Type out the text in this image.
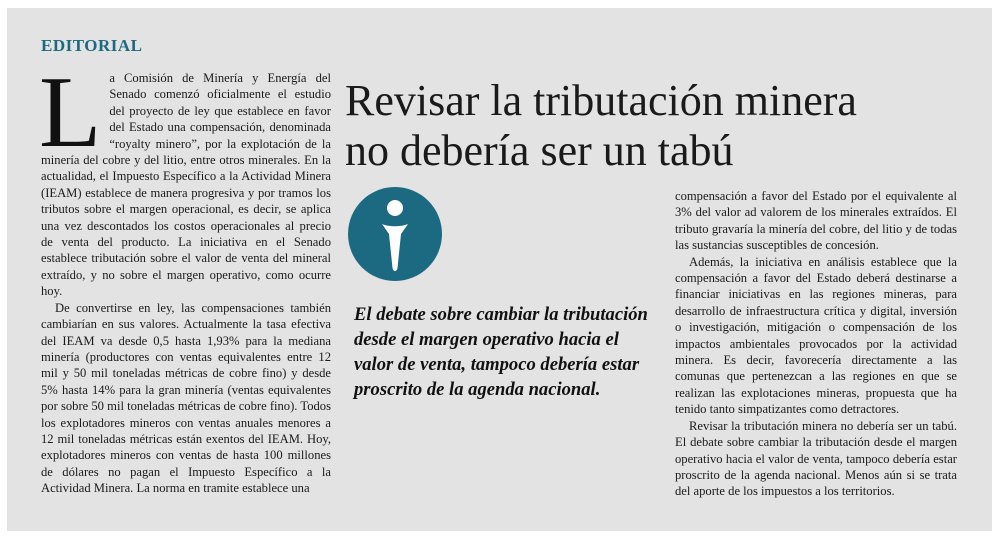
EDITORIAL

La Comisión de Minería y Energía del Senado comenzó oficialmente el estudio del proyecto de ley que establece en favor del Estado una compensación, denominada “royalty minero”, por la explotación de la minería del cobre y del litio, entre otros minerales. En la actualidad, el Impuesto Específico a la Actividad Minera (IEAM) establece de manera progresiva y por tramos los tributos sobre el margen operacional, es decir, se aplica una vez descontados los costos operacionales al precio de venta del producto. La iniciativa en el Senado establece tributación sobre el valor de venta del mineral extraído, y no sobre el margen operativo, como ocurre hoy.

De convertirse en ley, las compensaciones también cambiarían en sus valores. Actualmente la tasa efectiva del IEAM va desde 0,5 hasta 1,93% para la mediana minería (productores con ventas equivalentes entre 12 mil y 50 mil toneladas métricas de cobre fino) y desde 5% hasta 14% para la gran minería (ventas equivalentes por sobre 50 mil toneladas métricas de cobre fino). Todos los explotadores mineros con ventas anuales menores a 12 mil toneladas métricas están exentos del IEAM. Hoy, explotadores mineros con ventas de hasta 100 millones de dólares no pagan el Impuesto Específico a la Actividad Minera. La norma en tramite establece una

Revisar la tributación minera no debería ser un tabú

El debate sobre cambiar la tributación desde el margen operativo hacia el valor de venta, tampoco debería estar proscrito de la agenda nacional.

compensación a favor del Estado por el equivalente al 3% del valor ad valorem de los minerales extraídos. El tributo gravaría la minería del cobre, del litio y de todas las sustancias susceptibles de concesión.

Además, la iniciativa en análisis establece que la compensación a favor del Estado deberá destinarse a financiar iniciativas en las regiones mineras, para desarrollo de infraestructura crítica y digital, inversión o investigación, mitigación o compensación de los impactos ambientales provocados por la actividad minera. Es decir, favorecería directamente a las comunas que pertenezcan a las regiones en que se realizan las explotaciones mineras, propuesta que ha tenido tanto simpatizantes como detractores.

Revisar la tributación minera no debería ser un tabú. El debate sobre cambiar la tributación desde el margen operativo hacia el valor de venta, tampoco debería estar proscrito de la agenda nacional. Menos aún si se trata del aporte de los impuestos a los territorios.
